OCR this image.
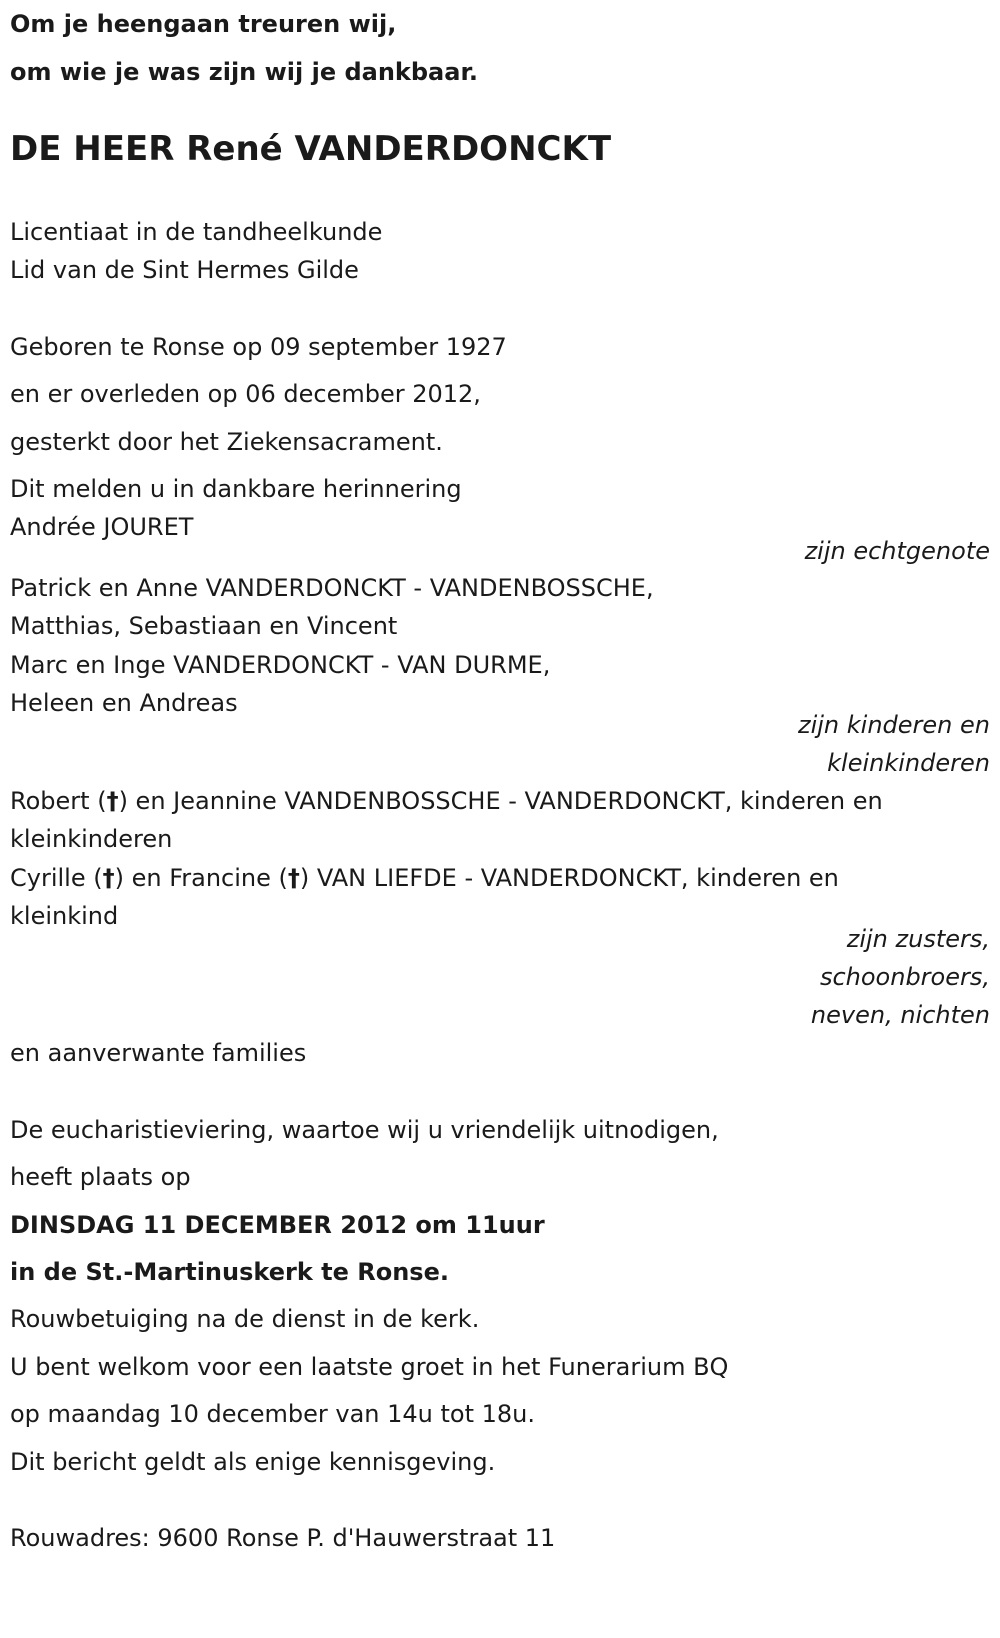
Om je heengaan treuren wij,
om wie je was zijn wij je dankbaar.
DE HEER René VANDERDONCKT
Licentiaat in de tandheelkunde
Lid van de Sint Hermes Gilde
Geboren te Ronse op 09 september 1927
en er overleden op 06 december 2012,
gesterkt door het Ziekensacrament.
Dit melden u in dankbare herinnering
Andrée JOURET
zijn echtgenote
Patrick en Anne VANDERDONCKT - VANDENBOSSCHE,
Matthias, Sebastiaan en Vincent
Marc en Inge VANDERDONCKT - VAN DURME,
Heleen en Andreas
zijn kinderen en
kleinkinderen
Robert (†) en Jeannine VANDENBOSSCHE - VANDERDONCKT, kinderen en
kleinkinderen
Cyrille (†) en Francine (†) VAN LIEFDE - VANDERDONCKT, kinderen en
kleinkind
zijn zusters,
schoonbroers,
neven, nichten
en aanverwante families
De eucharistieviering, waartoe wij u vriendelijk uitnodigen,
heeft plaats op
DINSDAG 11 DECEMBER 2012 om 11uur
in de St.-Martinuskerk te Ronse.
Rouwbetuiging na de dienst in de kerk.
U bent welkom voor een laatste groet in het Funerarium BQ
op maandag 10 december van 14u tot 18u.
Dit bericht geldt als enige kennisgeving.
Rouwadres: 9600 Ronse P. d'Hauwerstraat 11
